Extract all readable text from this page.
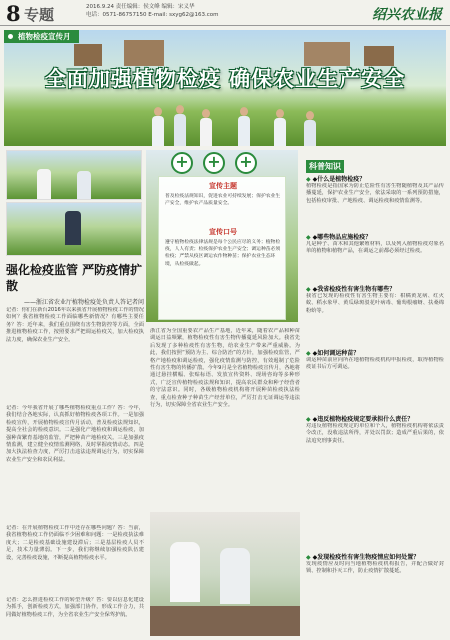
8 专题	2016.9.24 责任编辑：侯文峰 编辑：宋义华
电话：0571-86757150 E-mail: sxyg62@163.com	绍兴农业报
植物检疫宣传月
全面加强植物检疫 确保农业生产安全
强化检疫监管 严防疫情扩散
——浙江省农业厅植物检疫处负责人答记者问
记者：你们在新台2016年以来我省开展植物检疫工作的情况如何？我省植物检疫工作面临哪些新情况？有哪些主要任务？答：近年来，我们重点围绕有害生物防控等方面，全面推进植物检疫工作，按照要求严把调运检疫关，加大检疫执法力度，确保农业生产安全。
记者：今年我省开展了哪些植物检疫重点工作？答：今年，我们结合各地实际，认真抓好植物检疫各项工作。一是加强检疫宣传，开展植物检疫宣传月活动，普及检疫法规知识，提高全社会的检疫意识。二是强化产地检疫和调运检疫，加强种苗繁育基地的监管，严把种苗产地检疫关。三是加强疫情监测，建立健全疫情监测网络，及时掌握疫情动态。四是加大执法检查力度，严厉打击违法违规调运行为，切实保障农业生产安全和农民利益。
记者：在开展植物检疫工作中还存在哪些问题？答：当前，我省植物检疫工作仍面临不少困难和问题：一是检疫执法难度大；二是检疫基础设施建设滞后；三是基层检疫人员不足，技术力量薄弱。下一步，我们将继续加强检疫队伍建设，完善检疫设施，不断提高植物检疫水平。
记者：怎么推进检疫工作的转型升级？答：要以信息化建设为抓手，创新检疫方式，加强部门协作，形成工作合力，共同做好植物检疫工作，为全省农业生产安全保驾护航。
+
+
+
宣传主题
普及检疫法规知识，促进农业可持续发展；保护农业生产安全，维护农产品质量安全。
宣传口号
遵守植物检疫法律法规是每个公民应尽的义务；植物检疫，人人有责；检疫保护农业生产安全；调运种苗必须检疫；严禁从疫区调运农作物种苗；保护农业生态环境，从检疫做起。
浙江省为全国重要农产品生产基地，近年来，随着农产品和种苗调运日益频繁，植物检疫性有害生物传播蔓延风险加大。我省先后发现了多种检疫性有害生物，给农业生产带来严重威胁。为此，我们按照“预防为主、综合防治”的方针，加强检疫监管，严格产地检疫和调运检疫，强化疫情监测与防控，有效遏制了危险性有害生物的传播扩散。今年9月是全省植物检疫宣传月，各地将通过悬挂横幅、张贴标语、发放宣传资料、现场咨询等多种形式，广泛宣传植物检疫法规和知识，提高农民群众和种子经营者的守法意识。同时，各级植物检疫机构将开展种苗检疫执法检查，重点检查种子种苗生产经营单位，严厉打击无证调运等违法行为，切实保障全省农业生产安全。
科普知识
◆ ◆什么是植物检疫？
植物检疫是指国家为防止危险性有害生物随植物及其产品传播蔓延，保护农业生产安全，依法采取的一系列预防措施，包括检疫审批、产地检疫、调运检疫和疫情监测等。
◆ ◆哪些物品应施检疫？
凡是种子、苗木和其他繁殖材料，以及列入植物检疫对象名单的植物和植物产品，在调运之前都必须经过检疫。
◆ ◆我省检疫性有害生物有哪些？
我省已发现的检疫性有害生物主要有：柑橘黄龙病、红火蚁、稻水象甲、黄瓜绿斑驳花叶病毒、葡萄根瘤蚜、扶桑绵粉蚧等。
◆ ◆如何调运种苗？
调运种苗前应向所在地植物检疫机构申报检疫，取得植物检疫证书后方可调运。
◆ ◆违反植物检疫规定要承担什么责任？
对违反植物检疫规定的单位和个人，植物检疫机构将依法责令改正，没收违法所得，并处以罚款；造成严重后果的，依法追究刑事责任。
◆ ◆发现检疫性有害生物疫情应如何处置？
发现疫情应及时向当地植物检疫机构报告，并配合做好封锁、控制和扑灭工作，防止疫情扩散蔓延。
